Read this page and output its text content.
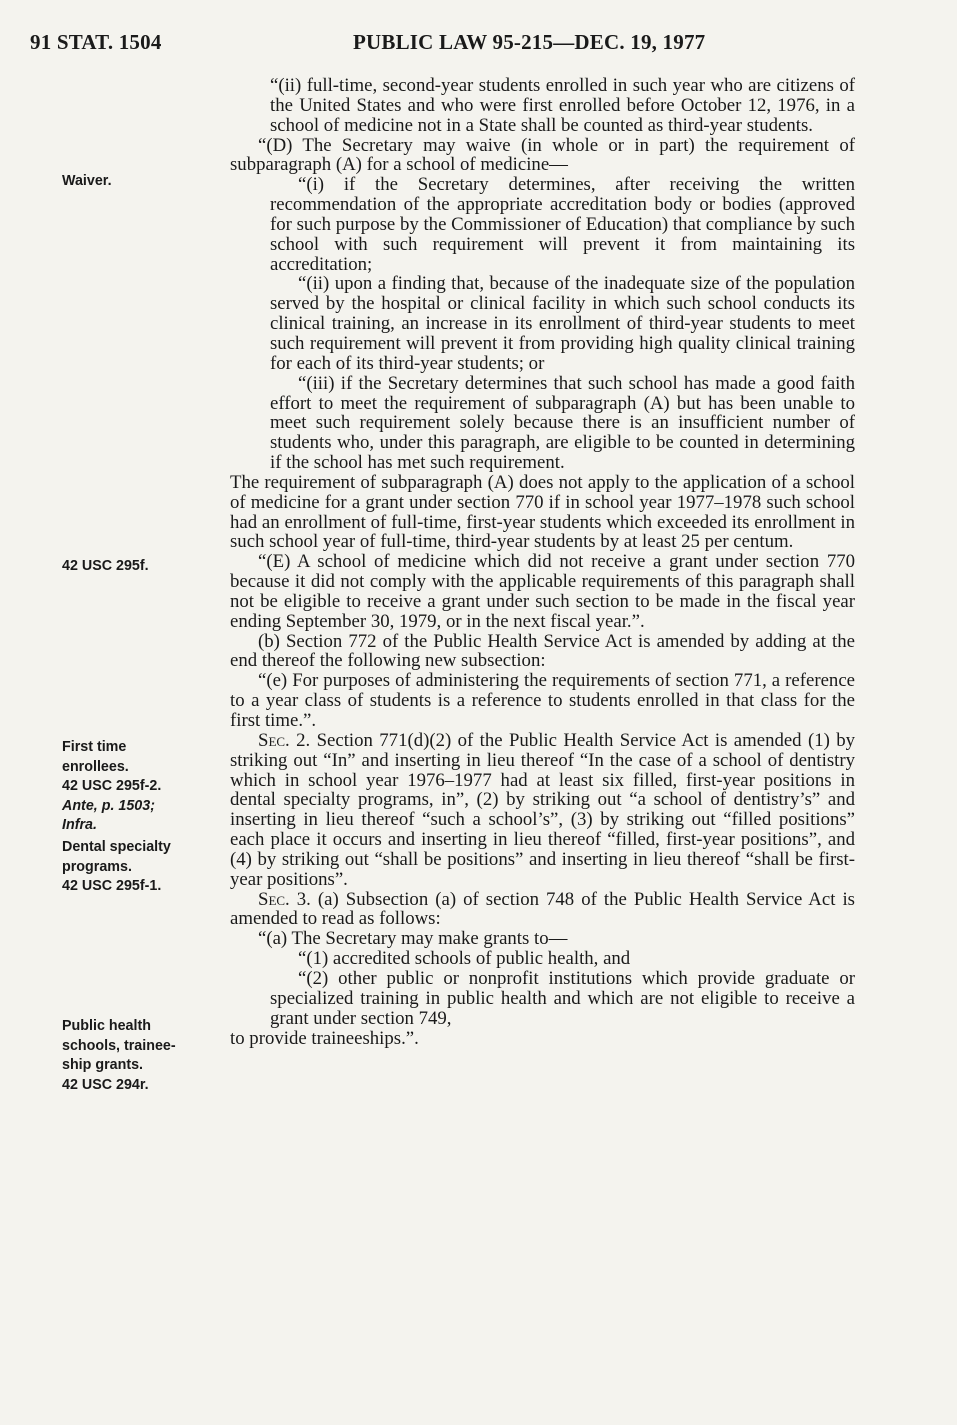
91 STAT. 1504	PUBLIC LAW 95-215—DEC. 19, 1977
Waiver.
42 USC 295f.
First time
enrollees.
42 USC 295f-2.
Ante, p. 1503;
Infra.
Dental specialty
programs.
42 USC 295f-1.
Public health
schools, trainee-
ship grants.
42 USC 294r.

“(ii) full-time, second-year students enrolled in such year who are citizens of the United States and who were first enrolled before October 12, 1976, in a school of medicine not in a State shall be counted as third-year students.

“(D) The Secretary may waive (in whole or in part) the requirement of subparagraph (A) for a school of medicine—

“(i) if the Secretary determines, after receiving the written recommendation of the appropriate accreditation body or bodies (approved for such purpose by the Commissioner of Education) that compliance by such school with such requirement will prevent it from maintaining its accreditation;

“(ii) upon a finding that, because of the inadequate size of the population served by the hospital or clinical facility in which such school conducts its clinical training, an increase in its enrollment of third-year students to meet such requirement will prevent it from providing high quality clinical training for each of its third-year students; or

“(iii) if the Secretary determines that such school has made a good faith effort to meet the requirement of subparagraph (A) but has been unable to meet such requirement solely because there is an insufficient number of students who, under this paragraph, are eligible to be counted in determining if the school has met such requirement.

The requirement of subparagraph (A) does not apply to the application of a school of medicine for a grant under section 770 if in school year 1977–1978 such school had an enrollment of full-time, first-year students which exceeded its enrollment in such school year of full-time, third-year students by at least 25 per centum.

“(E) A school of medicine which did not receive a grant under section 770 because it did not comply with the applicable requirements of this paragraph shall not be eligible to receive a grant under such section to be made in the fiscal year ending September 30, 1979, or in the next fiscal year.”.

(b) Section 772 of the Public Health Service Act is amended by adding at the end thereof the following new subsection:

“(e) For purposes of administering the requirements of section 771, a reference to a year class of students is a reference to students enrolled in that class for the first time.”.

Sec. 2. Section 771(d)(2) of the Public Health Service Act is amended (1) by striking out “In” and inserting in lieu thereof “In the case of a school of dentistry which in school year 1976–1977 had at least six filled, first-year positions in dental specialty programs, in”, (2) by striking out “a school of dentistry’s” and inserting in lieu thereof “such a school’s”, (3) by striking out “filled positions” each place it occurs and inserting in lieu thereof “filled, first-year positions”, and (4) by striking out “shall be positions” and inserting in lieu thereof “shall be first-year positions”.

Sec. 3. (a) Subsection (a) of section 748 of the Public Health Service Act is amended to read as follows:

“(a) The Secretary may make grants to—

“(1) accredited schools of public health, and

“(2) other public or nonprofit institutions which provide graduate or specialized training in public health and which are not eligible to receive a grant under section 749,

to provide traineeships.”.
